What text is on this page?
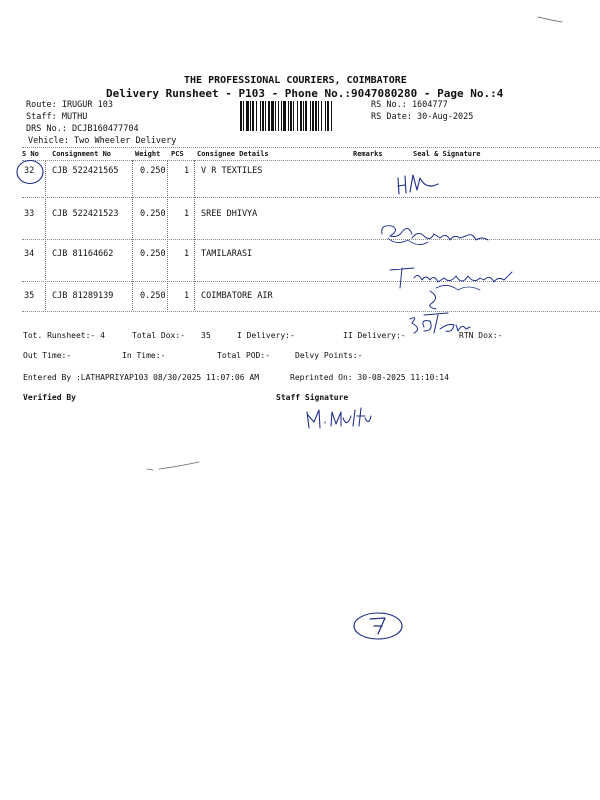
THE PROFESSIONAL COURIERS, COIMBATORE
Delivery Runsheet - P103 - Phone No.:9047080280 - Page No.:4
Route: IRUGUR 103
Staff: MUTHU
DRS No.: DCJB160477704
Vehicle: Two Wheeler Delivery
RS No.: 1604777
RS Date: 30-Aug-2025
S No Consignment No	Weight PCS Consignee Details	Remarks	Seal & Signature
32 CJB 522421565	0.250 1 V R TEXTILES
33 CJB 522421523	0.250 1 SREE DHIVYA
34 CJB 81164662	0.250 1 TAMILARASI
35 CJB 81289139	0.250 1 COIMBATORE AIR
Tot. Runsheet:- 4	Total Dox:- 35	I Delivery:-	II Delivery:-	RTN Dox:-
Out Time:-	In Time:-	Total POD:-	Delvy Points:-
Entered By :LATHAPRIYAP103 08/30/2025 11:07:06 AM	Reprinted On: 30-08-2025 11:10:14
Verified By	Staff Signature
